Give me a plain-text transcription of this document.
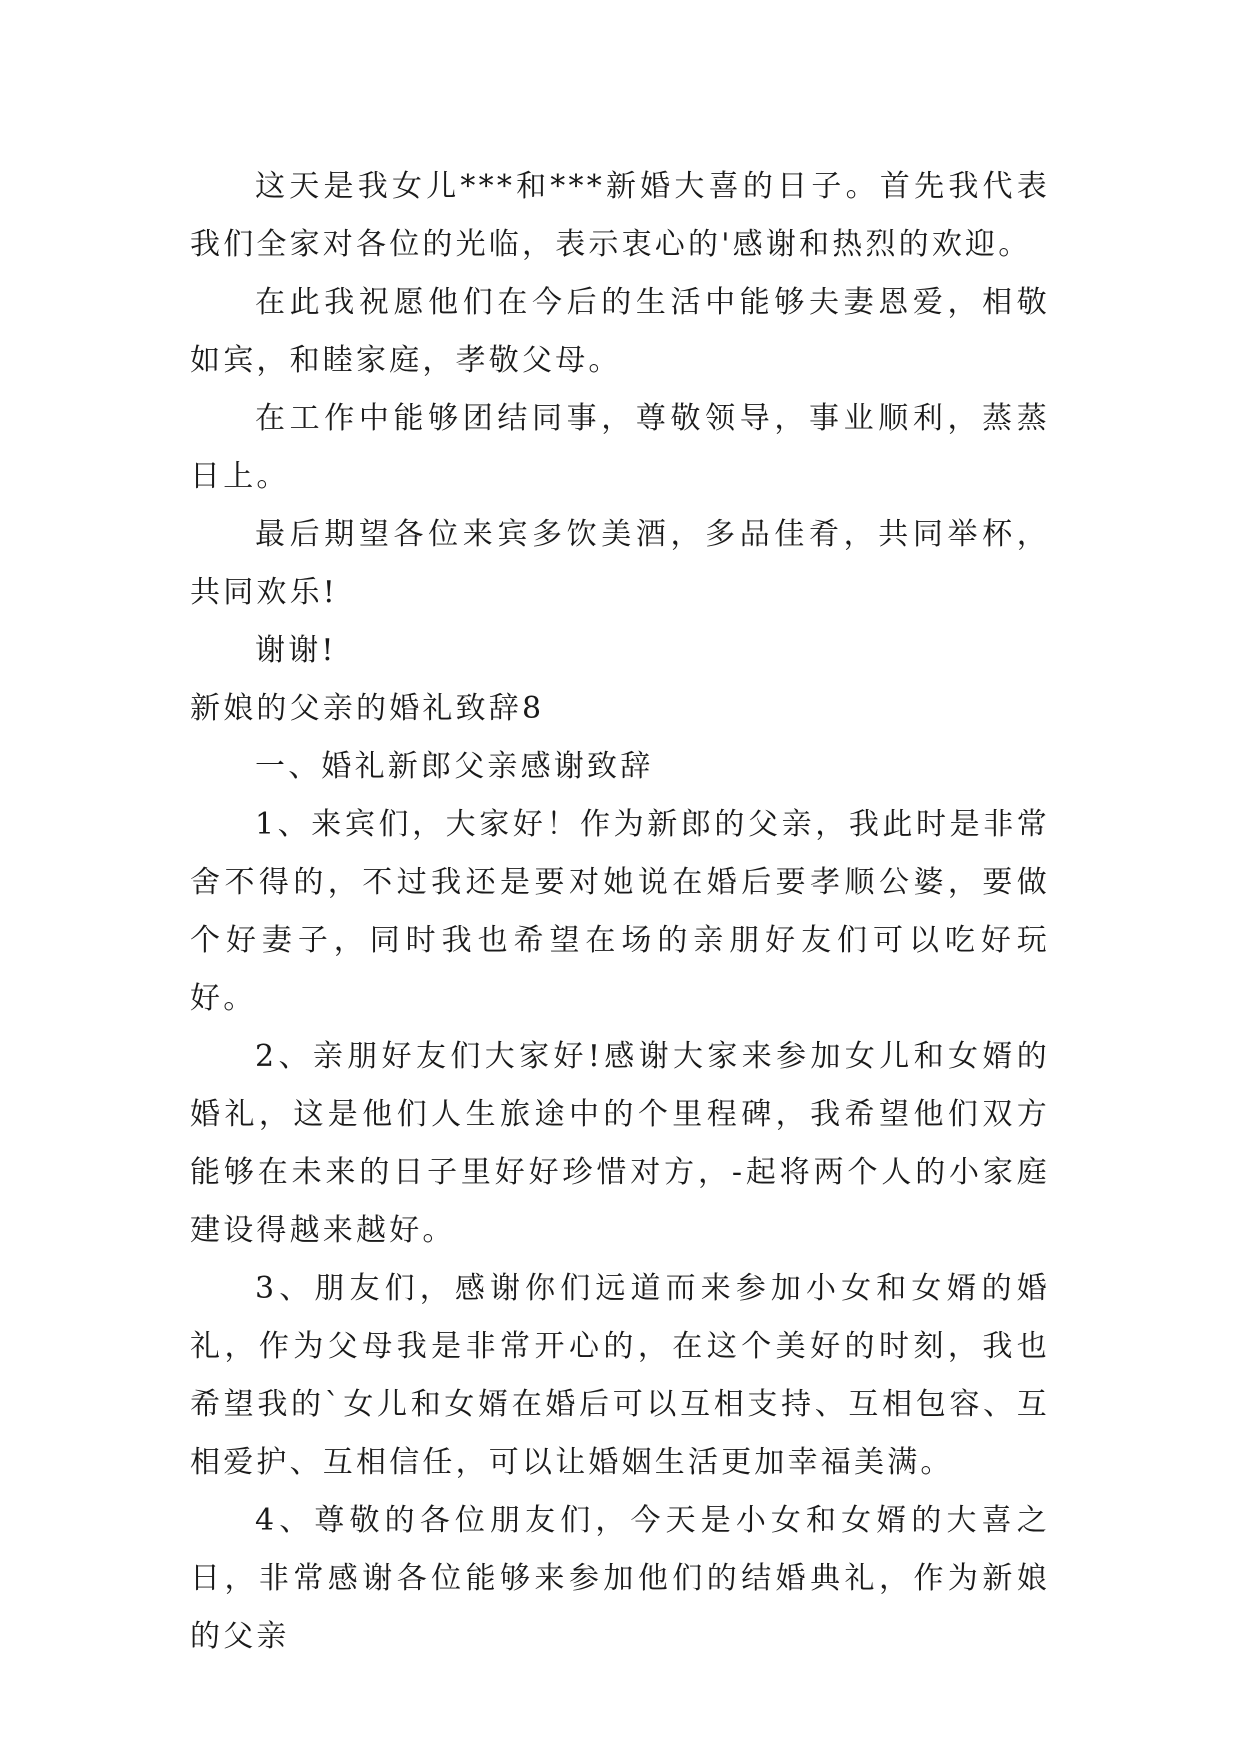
这天是我女儿***和***新婚大喜的日子。首先我代表我们全家对各位的光临，表示衷心的'感谢和热烈的欢迎。

在此我祝愿他们在今后的生活中能够夫妻恩爱，相敬如宾，和睦家庭，孝敬父母。

在工作中能够团结同事，尊敬领导，事业顺利，蒸蒸日上。

最后期望各位来宾多饮美酒，多品佳肴，共同举杯，共同欢乐!

谢谢!

新娘的父亲的婚礼致辞8

一、婚礼新郎父亲感谢致辞

1、来宾们，大家好！作为新郎的父亲，我此时是非常舍不得的，不过我还是要对她说在婚后要孝顺公婆，要做个好妻子，同时我也希望在场的亲朋好友们可以吃好玩好。

2、亲朋好友们大家好!感谢大家来参加女儿和女婿的婚礼，这是他们人生旅途中的个里程碑，我希望他们双方能够在未来的日子里好好珍惜对方，-起将两个人的小家庭建设得越来越好。

3、朋友们，感谢你们远道而来参加小女和女婿的婚礼，作为父母我是非常开心的，在这个美好的时刻，我也希望我的`女儿和女婿在婚后可以互相支持、互相包容、互相爱护、互相信任，可以让婚姻生活更加幸福美满。

4、尊敬的各位朋友们，今天是小女和女婿的大喜之日，非常感谢各位能够来参加他们的结婚典礼，作为新娘的父亲
